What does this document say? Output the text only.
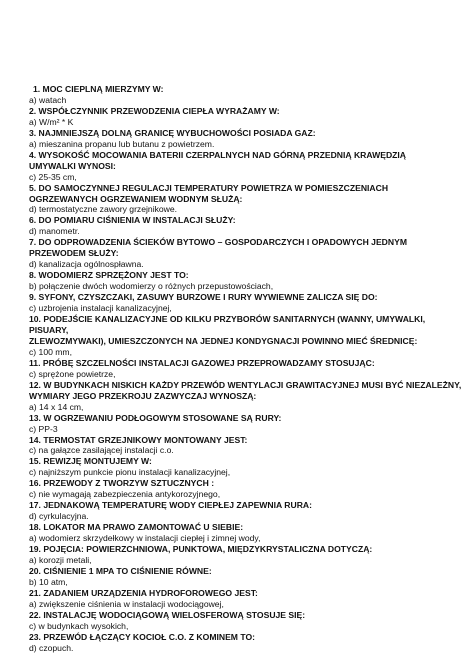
1. MOC CIEPLNĄ MIERZYMY W:
a) watach
2. WSPÓŁCZYNNIK PRZEWODZENIA CIEPŁA WYRAŻAMY W:
a) W/m² * K
3. NAJMNIEJSZĄ DOLNĄ GRANICĘ WYBUCHOWOŚCI POSIADA GAZ:
a) mieszanina propanu lub butanu z powietrzem.
4. WYSOKOŚĆ MOCOWANIA BATERII CZERPALNYCH NAD GÓRNĄ PRZEDNIĄ KRAWĘDZIĄ
UMYWALKI WYNOSI:
c) 25-35 cm,
5. DO SAMOCZYNNEJ REGULACJI TEMPERATURY POWIETRZA W POMIESZCZENIACH
OGRZEWANYCH OGRZEWANIEM WODNYM SŁUŻĄ:
d) termostatyczne zawory grzejnikowe.
6. DO POMIARU CIŚNIENIA W INSTALACJI SŁUŻY:
d) manometr.
7. DO ODPROWADZENIA ŚCIEKÓW BYTOWO – GOSPODARCZYCH I OPADOWYCH JEDNYM
PRZEWODEM SŁUŻY:
d) kanalizacja ogólnospławna.
8. WODOMIERZ SPRZĘŻONY JEST TO:
b) połączenie dwóch wodomierzy o różnych przepustowościach,
9. SYFONY, CZYSZCZAKI, ZASUWY BURZOWE I RURY WYWIEWNE ZALICZA SIĘ DO:
c) uzbrojenia instalacji kanalizacyjnej,
10. PODEJŚCIE KANALIZACYJNE OD KILKU PRZYBORÓW SANITARNYCH (WANNY, UMYWALKI,
PISUARY,
ZLEWOZMYWAKI), UMIESZCZONYCH NA JEDNEJ KONDYGNACJI POWINNO MIEĆ ŚREDNICĘ:
c) 100 mm,
11. PRÓBĘ SZCZELNOŚCI INSTALACJI GAZOWEJ PRZEPROWADZAMY STOSUJĄC:
c) sprężone powietrze,
12. W BUDYNKACH NISKICH KAŻDY PRZEWÓD WENTYLACJI GRAWITACYJNEJ MUSI BYĆ NIEZALEŻNY,
WYMIARY JEGO PRZEKROJU ZAZWYCZAJ WYNOSZĄ:
a) 14 x 14 cm,
13. W OGRZEWANIU PODŁOGOWYM STOSOWANE SĄ RURY:
c) PP-3
14. TERMOSTAT GRZEJNIKOWY MONTOWANY JEST:
c) na gałązce zasilającej instalacji c.o.
15. REWIZJĘ MONTUJEMY W:
c) najniższym punkcie pionu instalacji kanalizacyjnej,
16. PRZEWODY Z TWORZYW SZTUCZNYCH :
c) nie wymagają zabezpieczenia antykorozyjnego,
17. JEDNAKOWĄ TEMPERATURĘ WODY CIEPŁEJ ZAPEWNIA RURA:
d) cyrkulacyjna.
18. LOKATOR MA PRAWO ZAMONTOWAĆ U SIEBIE:
a) wodomierz skrzydełkowy w instalacji ciepłej i zimnej wody,
19. POJĘCIA: POWIERZCHNIOWA, PUNKTOWA, MIĘDZYKRYSTALICZNA DOTYCZĄ:
a) korozji metali,
20. CIŚNIENIE 1 MPA TO CIŚNIENIE RÓWNE:
b) 10 atm,
21. ZADANIEM URZĄDZENIA HYDROFOROWEGO JEST:
a) zwiększenie ciśnienia w instalacji wodociągowej,
22. INSTALACJĘ WODOCIĄGOWĄ WIELOSFEROWĄ STOSUJE SIĘ:
c) w budynkach wysokich,
23. PRZEWÓD ŁĄCZĄCY KOCIOŁ C.O. Z KOMINEM TO:
d) czopuch.
